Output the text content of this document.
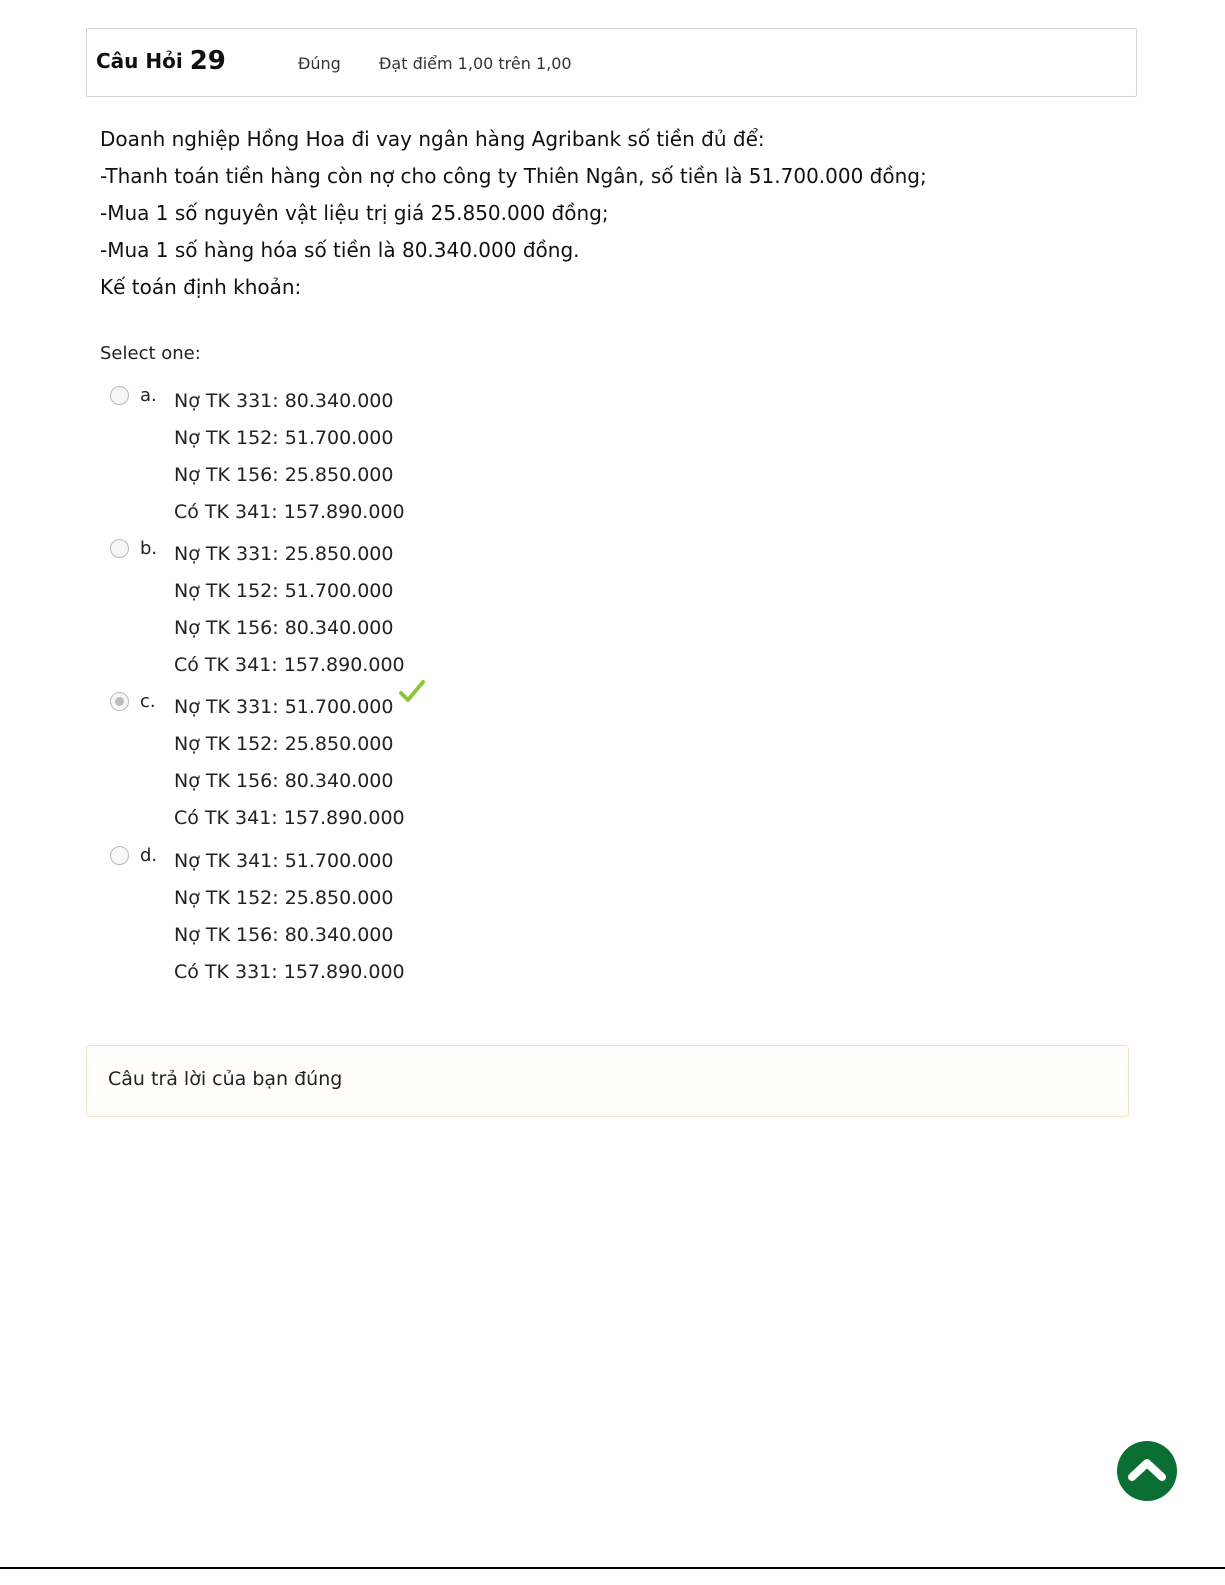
Câu Hỏi 29	Đúng Đạt điểm 1,00 trên 1,00

Doanh nghiệp Hồng Hoa đi vay ngân hàng Agribank số tiền đủ để:

-Thanh toán tiền hàng còn nợ cho công ty Thiên Ngân, số tiền là 51.700.000 đồng;

-Mua 1 số nguyên vật liệu trị giá 25.850.000 đồng;

-Mua 1 số hàng hóa số tiền là 80.340.000 đồng.

Kế toán định khoản:

Select one:
a. Nợ TK 331: 80.340.000
Nợ TK 152: 51.700.000
Nợ TK 156: 25.850.000
Có TK 341: 157.890.000
b. Nợ TK 331: 25.850.000
Nợ TK 152: 51.700.000
Nợ TK 156: 80.340.000
Có TK 341: 157.890.000
c. Nợ TK 331: 51.700.000
Nợ TK 152: 25.850.000
Nợ TK 156: 80.340.000
Có TK 341: 157.890.000
d. Nợ TK 341: 51.700.000
Nợ TK 152: 25.850.000
Nợ TK 156: 80.340.000
Có TK 331: 157.890.000
Câu trả lời của bạn đúng
